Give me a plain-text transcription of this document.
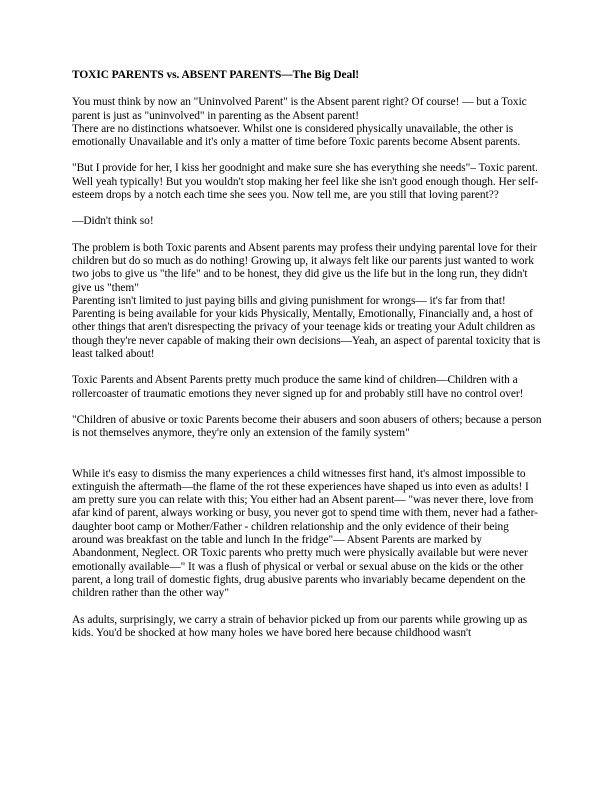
TOXIC PARENTS vs. ABSENT PARENTS—The Big Deal!

You must think by now an "Uninvolved Parent" is the Absent parent right? Of course! — but a Toxic parent is just as "uninvolved" in parenting as the Absent parent!

There are no distinctions whatsoever. Whilst one is considered physically unavailable, the other is emotionally Unavailable and it's only a matter of time before Toxic parents become Absent parents.

"But I provide for her, I kiss her goodnight and make sure she has everything she needs"– Toxic parent. Well yeah typically! But you wouldn't stop making her feel like she isn't good enough though. Her self-esteem drops by a notch each time she sees you. Now tell me, are you still that loving parent??

—Didn't think so!

The problem is both Toxic parents and Absent parents may profess their undying parental love for their children but do so much as do nothing! Growing up, it always felt like our parents just wanted to work two jobs to give us "the life" and to be honest, they did give us the life but in the long run, they didn't give us "them"

Parenting isn't limited to just paying bills and giving punishment for wrongs— it's far from that! Parenting is being available for your kids Physically, Mentally, Emotionally, Financially and, a host of other things that aren't disrespecting the privacy of your teenage kids or treating your Adult children as though they're never capable of making their own decisions—Yeah, an aspect of parental toxicity that is least talked about!

Toxic Parents and Absent Parents pretty much produce the same kind of children—Children with a rollercoaster of traumatic emotions they never signed up for and probably still have no control over!

"Children of abusive or toxic Parents become their abusers and soon abusers of others; because a person is not themselves anymore, they're only an extension of the family system"

While it's easy to dismiss the many experiences a child witnesses first hand, it's almost impossible to extinguish the aftermath—the flame of the rot these experiences have shaped us into even as adults! I am pretty sure you can relate with this; You either had an Absent parent— "was never there, love from afar kind of parent, always working or busy, you never got to spend time with them, never had a father-daughter boot camp or Mother/Father - children relationship and the only evidence of their being around was breakfast on the table and lunch In the fridge"— Absent Parents are marked by Abandonment, Neglect. OR Toxic parents who pretty much were physically available but were never emotionally available—" It was a flush of physical or verbal or sexual abuse on the kids or the other parent, a long trail of domestic fights, drug abusive parents who invariably became dependent on the children rather than the other way"

As adults, surprisingly, we carry a strain of behavior picked up from our parents while growing up as kids. You'd be shocked at how many holes we have bored here because childhood wasn't
